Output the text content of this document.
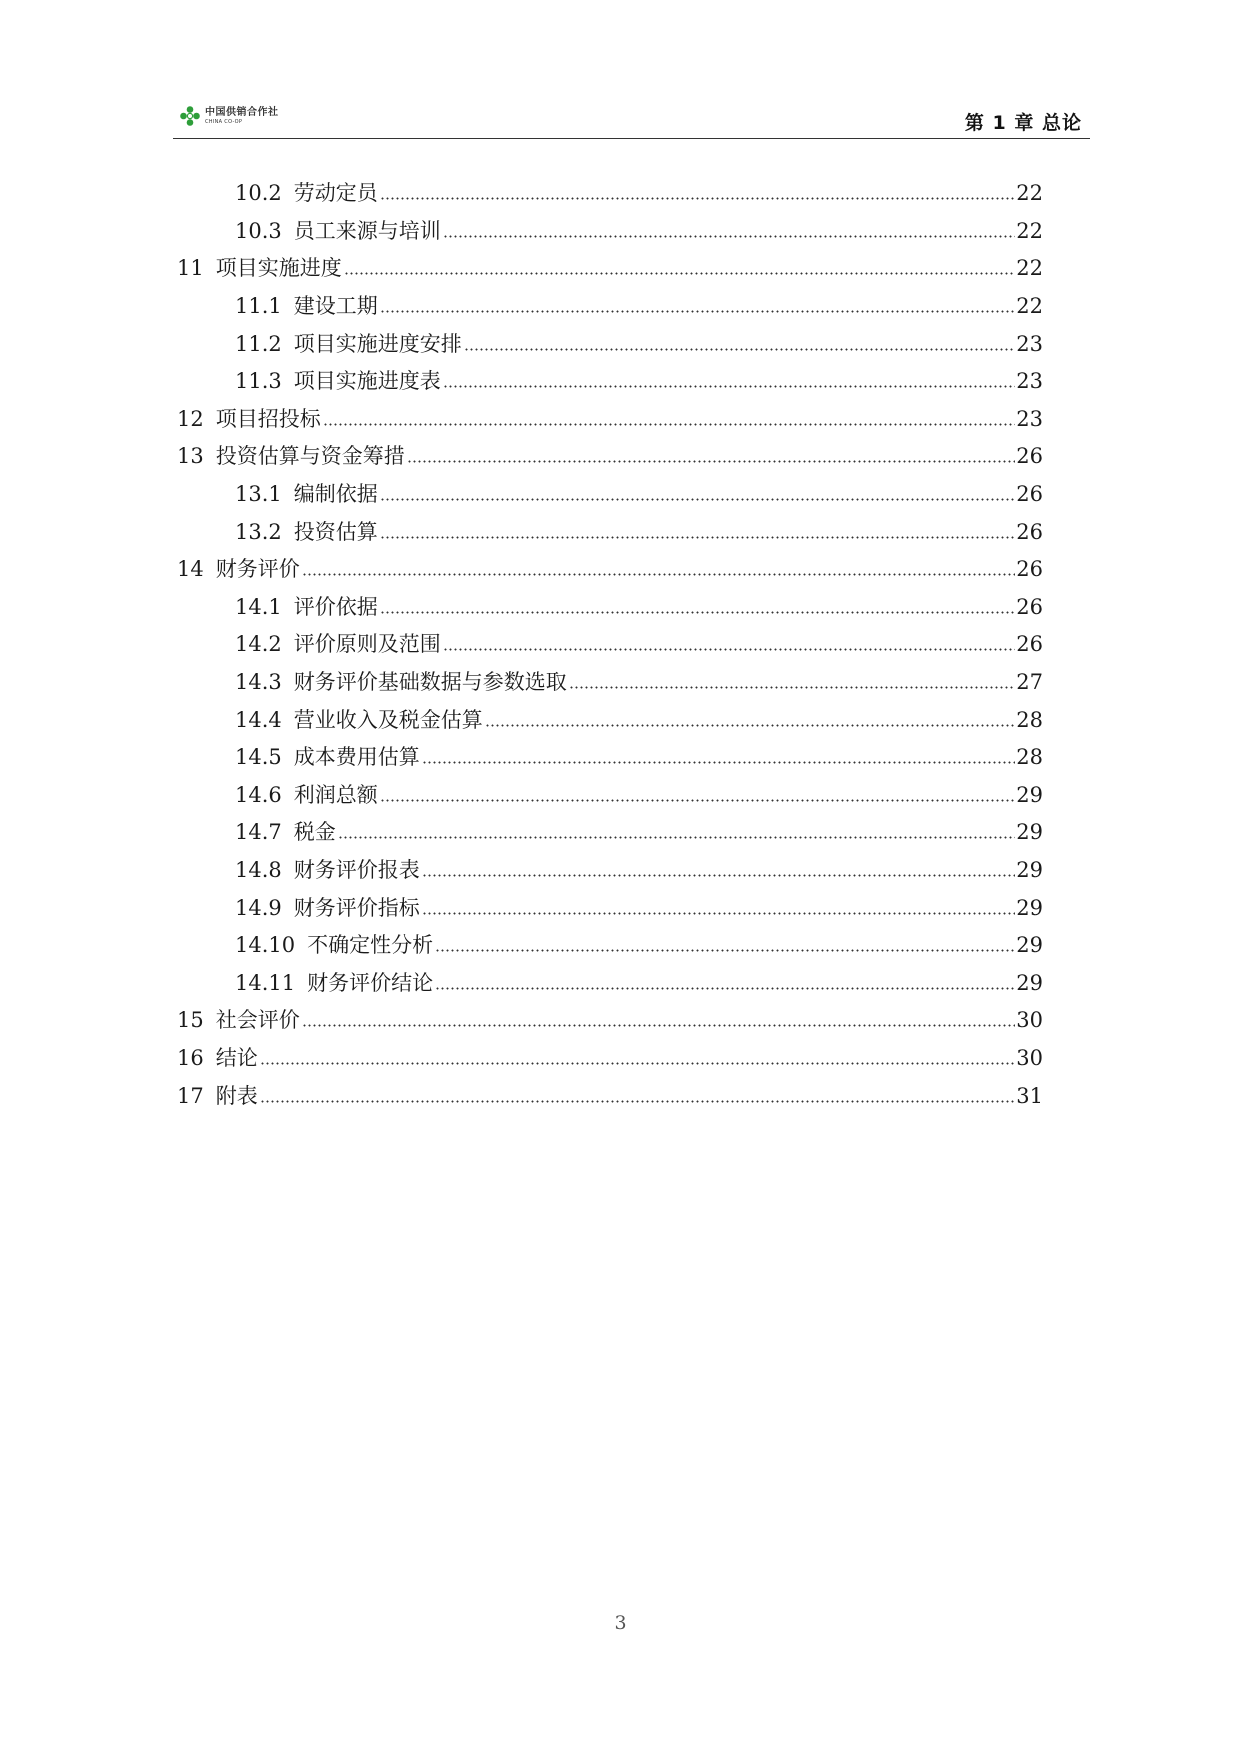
中国供销合作社
CHINA CO-OP	第 1 章 总论
10.2 劳动定员	22
10.3 员工来源与培训	22
11 项目实施进度	22
11.1 建设工期	22
11.2 项目实施进度安排	23
11.3 项目实施进度表	23
12 项目招投标	23
13 投资估算与资金筹措	26
13.1 编制依据	26
13.2 投资估算	26
14 财务评价	26
14.1 评价依据	26
14.2 评价原则及范围	26
14.3 财务评价基础数据与参数选取	27
14.4 营业收入及税金估算	28
14.5 成本费用估算	28
14.6 利润总额	29
14.7 税金	29
14.8 财务评价报表	29
14.9 财务评价指标	29
14.10 不确定性分析	29
14.11 财务评价结论	29
15 社会评价	30
16 结论	30
17 附表	31
3
